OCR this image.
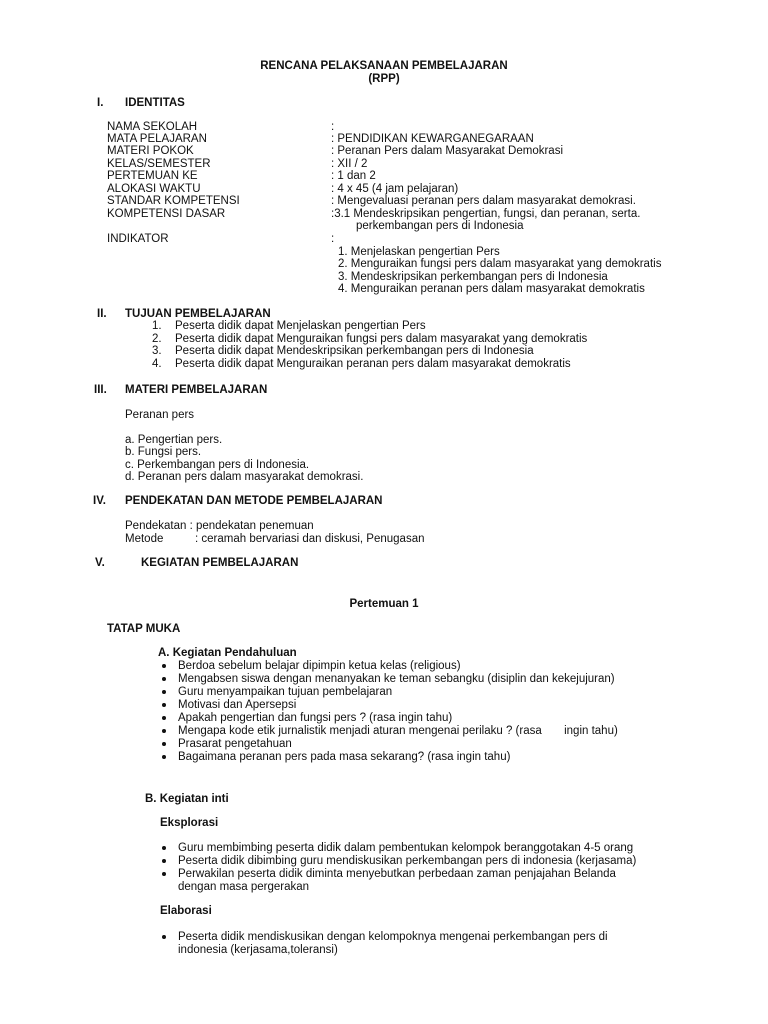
RENCANA PELAKSANAAN PEMBELAJARAN
(RPP)
I. IDENTITAS
NAMA SEKOLAH	:
MATA PELAJARAN	: PENDIDIKAN KEWARGANEGARAAN
MATERI POKOK	: Peranan Pers dalam Masyarakat Demokrasi
KELAS/SEMESTER	: XII / 2
PERTEMUAN KE	: 1 dan 2
ALOKASI WAKTU	: 4 x 45 (4 jam pelajaran)
STANDAR KOMPETENSI	: Mengevaluasi peranan pers dalam masyarakat demokrasi.
KOMPETENSI DASAR	:3.1 Mendeskripsikan pengertian, fungsi, dan peranan, serta.
perkembangan pers di Indonesia
INDIKATOR	:
1. Menjelaskan pengertian Pers
2. Menguraikan fungsi pers dalam masyarakat yang demokratis
3. Mendeskripsikan perkembangan pers di Indonesia
4. Menguraikan peranan pers dalam masyarakat demokratis
II. TUJUAN PEMBELAJARAN
1. Peserta didik dapat Menjelaskan pengertian Pers
2. Peserta didik dapat Menguraikan fungsi pers dalam masyarakat yang demokratis
3. Peserta didik dapat Mendeskripsikan perkembangan pers di Indonesia
4. Peserta didik dapat Menguraikan peranan pers dalam masyarakat demokratis
III. MATERI PEMBELAJARAN
Peranan pers
a. Pengertian pers.
b. Fungsi pers.
c. Perkembangan pers di Indonesia.
d. Peranan pers dalam masyarakat demokrasi.
IV. PENDEKATAN DAN METODE PEMBELAJARAN
Pendekatan : pendekatan penemuan
Metode	: ceramah bervariasi dan diskusi, Penugasan
V.	KEGIATAN PEMBELAJARAN
Pertemuan 1
TATAP MUKA
A. Kegiatan Pendahuluan
Berdoa sebelum belajar dipimpin ketua kelas (religious)
Mengabsen siswa dengan menanyakan ke teman sebangku (disiplin dan kekejujuran)
Guru menyampaikan tujuan pembelajaran
Motivasi dan Apersepsi
Apakah pengertian dan fungsi pers ? (rasa ingin tahu)
Mengapa kode etik jurnalistik menjadi aturan mengenai perilaku ? (rasa       ingin tahu)
Prasarat pengetahuan
Bagaimana peranan pers pada masa sekarang? (rasa ingin tahu)
B. Kegiatan inti
Eksplorasi
Guru membimbing peserta didik dalam pembentukan kelompok beranggotakan 4-5 orang
Peserta didik dibimbing guru mendiskusikan perkembangan pers di indonesia (kerjasama)
Perwakilan peserta didik diminta menyebutkan perbedaan zaman penjajahan Belanda
dengan masa pergerakan
Elaborasi
Peserta didik mendiskusikan dengan kelompoknya mengenai perkembangan pers di
indonesia (kerjasama,toleransi)
